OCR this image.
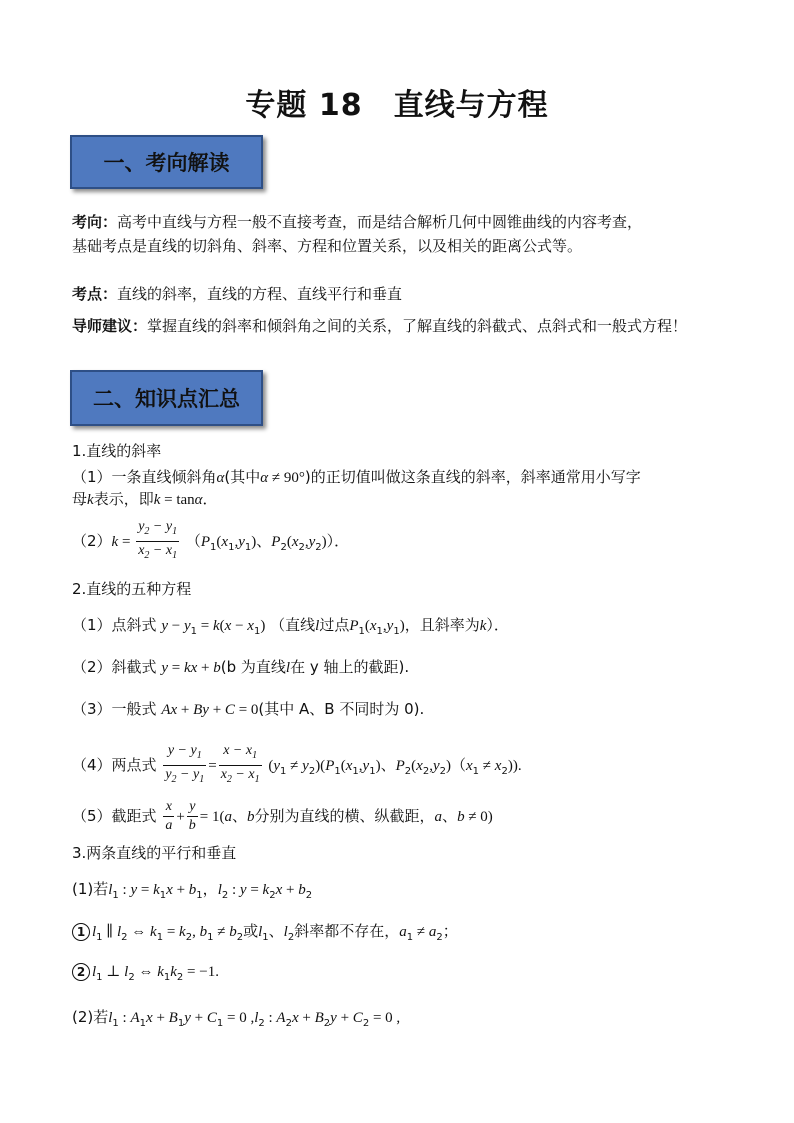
专题 18　直线与方程
一、考向解读
考向：高考中直线与方程一般不直接考查，而是结合解析几何中圆锥曲线的内容考查，
基础考点是直线的切斜角、斜率、方程和位置关系，以及相关的距离公式等。
考点：直线的斜率，直线的方程、直线平行和垂直
导师建议：掌握直线的斜率和倾斜角之间的关系，了解直线的斜截式、点斜式和一般式方程！
二、知识点汇总
1.直线的斜率
（1）一条直线倾斜角α(其中α ≠ 90°)的正切值叫做这条直线的斜率，斜率通常用小写字
母k表示，即k = tanα．
$(2)k = \frac{y_2 - y_1}{x_2 - x_1} (P_1(x_1,y_1)$、$P_2(x_2,y_2)$）．
2.直线的五种方程
（1）点斜式 $y - y_1 = k(x - x_1)$ （直线l过点$P_1(x_1,y_1)$，且斜率为k）．
（2）斜截式 y = kx + b(b 为直线l在 y 轴上的截距).
（3）一般式 Ax + By + C = 0(其中 A、B 不同时为 0).
（4）两点式 $\frac{y - y_1}{y_2 - y_1} = \frac{x - x_1}{x_2 - x_1} (y_1 \ne y_2)(P_1(x_1,y_1)$、$P_2(x_2,y_2)(x_1 \ne x_2)$).
（5）截距式 $\frac{x}{a} + \frac{y}{b} = 1(a$、b分别为直线的横、纵截距，a、b ≠ 0)
3.两条直线的平行和垂直
(1)若$l_1$ : $y = k_1x + b_1$，$l_2$ : $y = k_2x + b_2$
1 $l_1$ ∥ $l_2$ ⇔ $k_1 = k_2$, $b_1 \ne b_2$或$l_1$、$l_2$斜率都不存在，$a_1 \ne a_2$；
2 $l_1$ ⊥ $l_2$ ⇔ $k_1k_2 = -1$.
(2)若$l_1$ : $A_1x + B_1y + C_1 = 0$ $,l_2$ : $A_2x + B_2y + C_2 = 0$ ,
